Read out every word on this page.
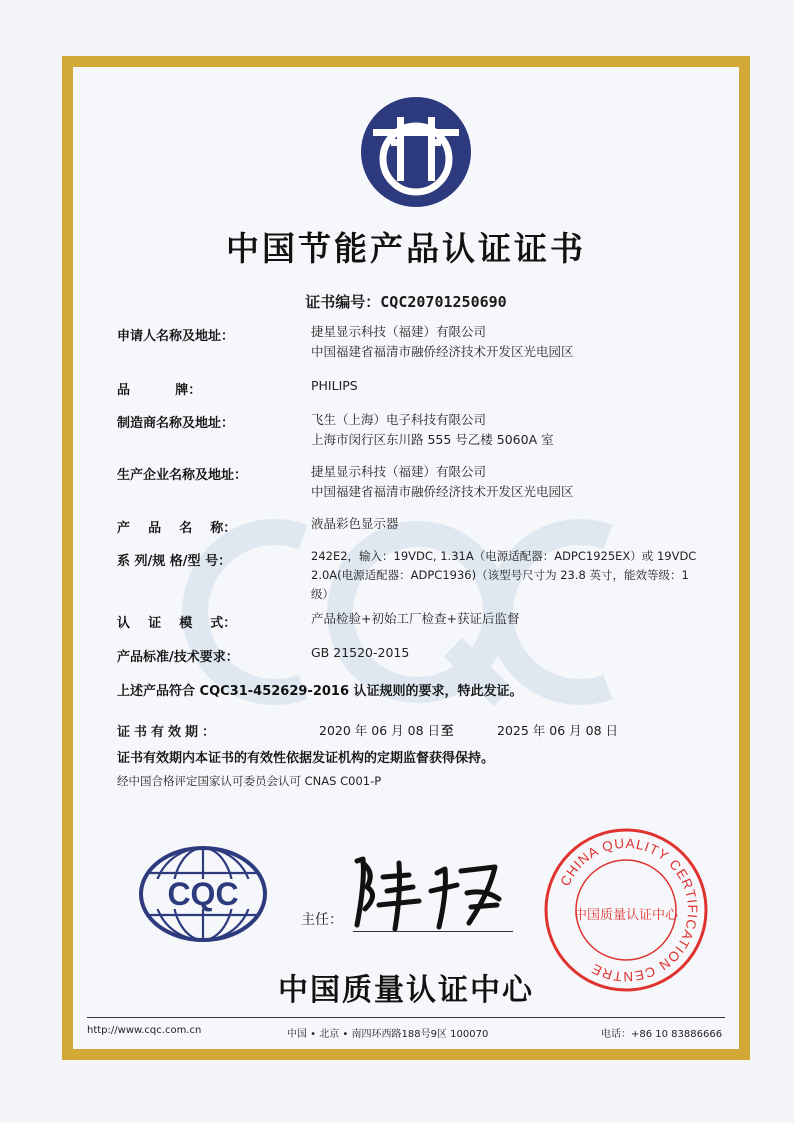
中国节能产品认证证书
证书编号：CQC20701250690
申请人名称及地址：	捷星显示科技（福建）有限公司
中国福建省福清市融侨经济技术开发区光电园区
品          牌：	PHILIPS
制造商名称及地址：	飞生（上海）电子科技有限公司
上海市闵行区东川路 555 号乙楼 5060A 室
生产企业名称及地址：	捷星显示科技（福建）有限公司
中国福建省福清市融侨经济技术开发区光电园区
产    品    名    称：	液晶彩色显示器
系 列/规 格/型 号：	242E2，输入：19VDC, 1.31A（电源适配器：ADPC1925EX）或 19VDC 2.0A(电源适配器：ADPC1936)（该型号尺寸为 23.8 英寸，能效等级：1 级）
认    证    模    式：	产品检验+初始工厂检查+获证后监督
产品标准/技术要求：	GB 21520-2015
上述产品符合 CQC31-452629-2016 认证规则的要求，特此发证。
证书有效期：	2020 年 06 月 08 日 至	2025 年 06 月 08 日
证书有效期内本证书的有效性依据发证机构的定期监督获得保持。
经中国合格评定国家认可委员会认可 CNAS C001-P
CQC
主任：
CHINA QUALITY CERTIFICATION CENTRE
中国质量认证中心
中国质量认证中心
http://www.cqc.com.cn	中国 • 北京 • 南四环西路188号9区 100070	电话：+86 10 83886666
